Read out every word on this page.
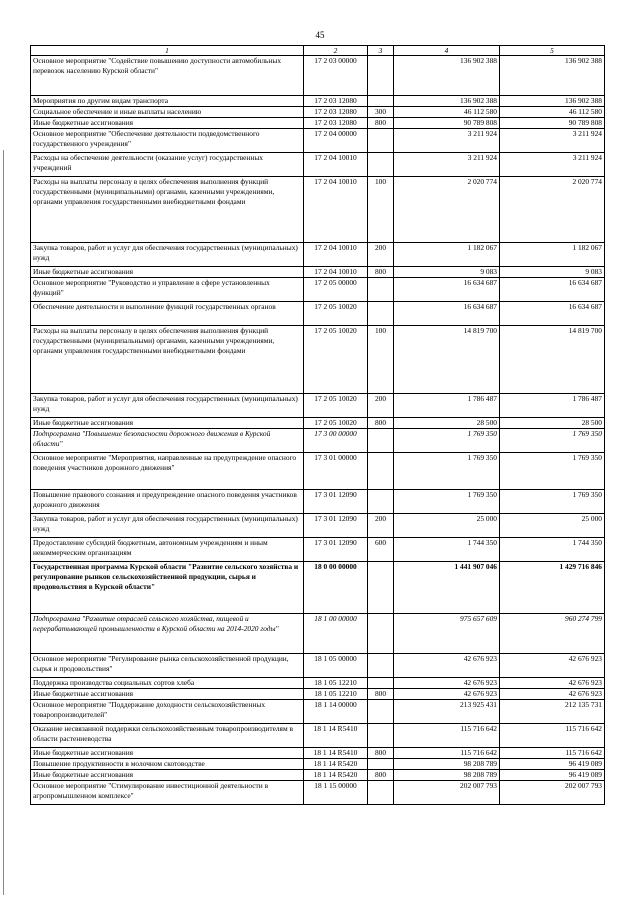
45
1	2	3	4	5
Основное мероприятие "Содействие повышению доступности автомобильных перевозок населению Курской области"	17 2 03 00000		136 902 388	136 902 388
Мероприятия по другим видам транспорта	17 2 03 12080		136 902 388	136 902 388
Социальное обеспечение и иные выплаты населению	17 2 03 12080	300	46 112 580	46 112 580
Иные бюджетные ассигнования	17 2 03 12080	800	90 789 808	90 789 808
Основное мероприятие "Обеспечение деятельности подведомственного государственного учреждения"	17 2 04 00000		3 211 924	3 211 924
Расходы на обеспечение деятельности (оказание услуг) государственных учреждений	17 2 04 10010		3 211 924	3 211 924
Расходы на выплаты персоналу в целях обеспечения выполнения функций государственными (муниципальными) органами, казенными учреждениями, органами управления государственными внебюджетными фондами	17 2 04 10010	100	2 020 774	2 020 774
Закупка товаров, работ и услуг для обеспечения государственных (муниципальных) нужд	17 2 04 10010	200	1 182 067	1 182 067
Иные бюджетные ассигнования	17 2 04 10010	800	9 083	9 083
Основное мероприятие "Руководство и управление в сфере установленных функций"	17 2 05 00000		16 634 687	16 634 687
Обеспечение деятельности и выполнение функций государственных органов	17 2 05 10020		16 634 687	16 634 687
Расходы на выплаты персоналу в целях обеспечения выполнения функций государственными (муниципальными) органами, казенными учреждениями, органами управления государственными внебюджетными фондами	17 2 05 10020	100	14 819 700	14 819 700
Закупка товаров, работ и услуг для обеспечения государственных (муниципальных) нужд	17 2 05 10020	200	1 786 487	1 786 487
Иные бюджетные ассигнования	17 2 05 10020	800	28 500	28 500
Подпрограмма "Повышение безопасности дорожного движения в Курской области"	17 3 00 00000		1 769 350	1 769 350
Основное мероприятие "Мероприятия, направленные на предупреждение опасного поведения участников дорожного движения"	17 3 01 00000		1 769 350	1 769 350
Повышение правового сознания и предупреждение опасного поведения участников дорожного движения	17 3 01 12090		1 769 350	1 769 350
Закупка товаров, работ и услуг для обеспечения государственных (муниципальных) нужд	17 3 01 12090	200	25 000	25 000
Предоставление субсидий бюджетным, автономным учреждениям и иным некоммерческим организациям	17 3 01 12090	600	1 744 350	1 744 350
Государственная программа Курской области "Развитие сельского хозяйства и регулирование рынков сельскохозяйственной продукции, сырья и продовольствия в Курской области"	18 0 00 00000		1 441 907 046	1 429 716 846
Подпрограмма "Развитие отраслей сельского хозяйства, пищевой и перерабатывающей промышленности в Курской области на 2014-2020 годы"	18 1 00 00000		975 657 609	960 274 799
Основное мероприятие "Регулирование рынка сельскохозяйственной продукции, сырья и продовольствия"	18 1 05 00000		42 676 923	42 676 923
Поддержка производства социальных сортов хлеба	18 1 05 12210		42 676 923	42 676 923
Иные бюджетные ассигнования	18 1 05 12210	800	42 676 923	42 676 923
Основное мероприятие "Поддержание доходности сельскохозяйственных товаропроизводителей"	18 1 14 00000		213 925 431	212 135 731
Оказание несвязанной поддержки сельскохозяйственным товаропроизводителям в области растениеводства	18 1 14 R5410		115 716 642	115 716 642
Иные бюджетные ассигнования	18 1 14 R5410	800	115 716 642	115 716 642
Повышение продуктивности в молочном скотоводстве	18 1 14 R5420		98 208 789	96 419 089
Иные бюджетные ассигнования	18 1 14 R5420	800	98 208 789	96 419 089
Основное мероприятие "Стимулирование инвестиционной деятельности в агропромышленном комплексе"	18 1 15 00000		202 007 793	202 007 793
